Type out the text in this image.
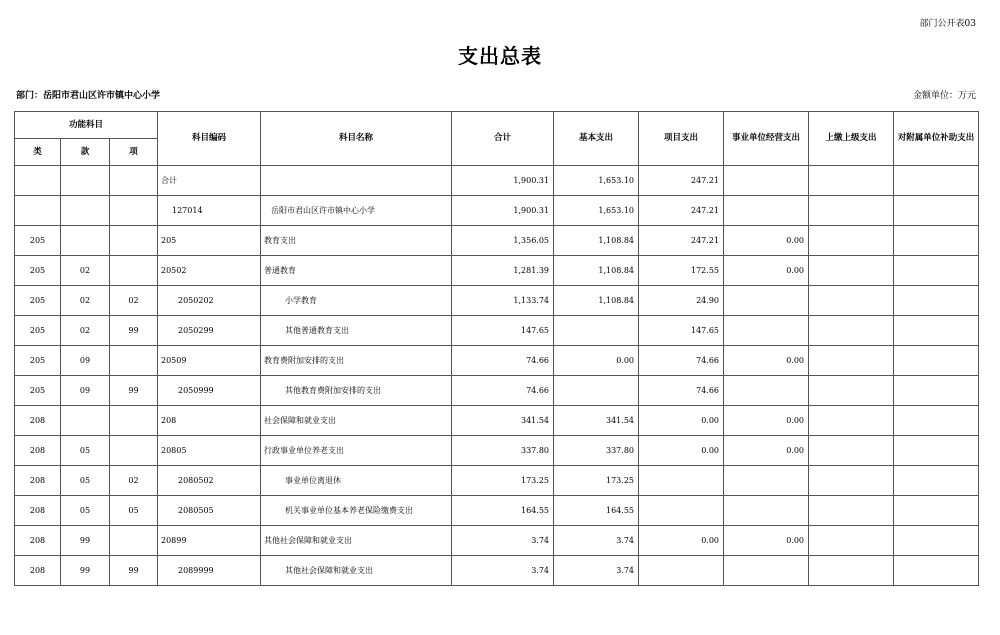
部门公开表03
支出总表
部门：岳阳市君山区许市镇中心小学	金额单位：万元
功能科目			科目编码	科目名称	合计	基本支出	项目支出	事业单位经营支出	上缴上级支出	对附属单位补助支出
类	款	项								
			合计		1,900.31	1,653.10	247.21			
			127014	岳阳市君山区许市镇中心小学	1,900.31	1,653.10	247.21			
205			205	教育支出	1,356.05	1,108.84	247.21	0.00		
205	02		20502	普通教育	1,281.39	1,108.84	172.55	0.00		
205	02	02	2050202	小学教育	1,133.74	1,108.84	24.90			
205	02	99	2050299	其他普通教育支出	147.65		147.65			
205	09		20509	教育费附加安排的支出	74.66	0.00	74.66	0.00		
205	09	99	2050999	其他教育费附加安排的支出	74.66		74.66			
208			208	社会保障和就业支出	341.54	341.54	0.00	0.00		
208	05		20805	行政事业单位养老支出	337.80	337.80	0.00	0.00		
208	05	02	2080502	事业单位离退休	173.25	173.25				
208	05	05	2080505	机关事业单位基本养老保险缴费支出	164.55	164.55				
208	99		20899	其他社会保障和就业支出	3.74	3.74	0.00	0.00		
208	99	99	2089999	其他社会保障和就业支出	3.74	3.74				
